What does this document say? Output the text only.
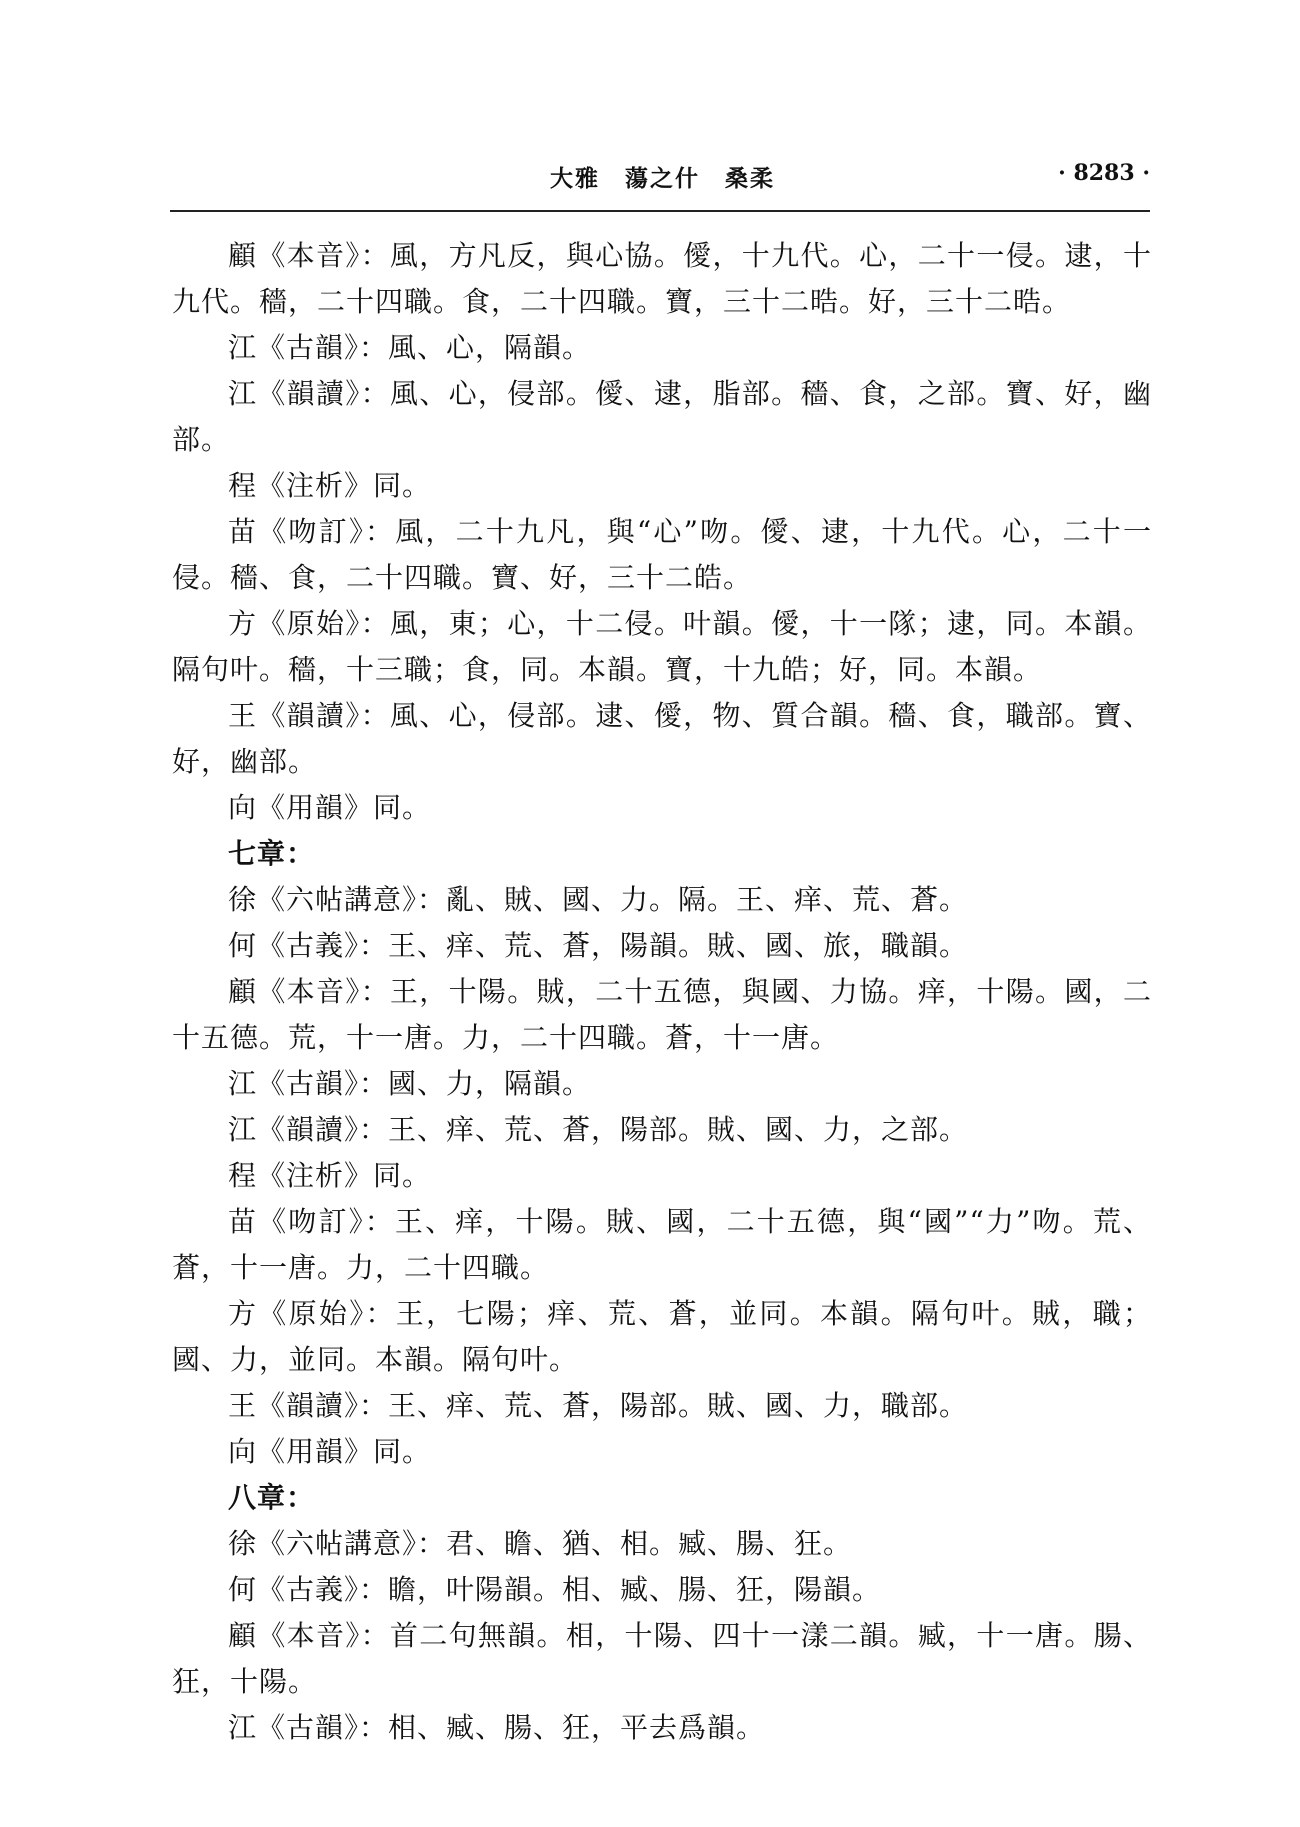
大雅　蕩之什　桑柔	· 8283 ·

顧《本音》：風，方凡反，與心協。僾，十九代。心，二十一侵。逮，十九代。穡，二十四職。食，二十四職。寶，三十二晧。好，三十二晧。

江《古韻》：風、心，隔韻。

江《韻讀》：風、心，侵部。僾、逮，脂部。穡、食，之部。寶、好，幽部。

程《注析》同。

苗《吻訂》：風，二十九凡，與“心”吻。僾、逮，十九代。心，二十一侵。穡、食，二十四職。寶、好，三十二皓。

方《原始》：風，東；心，十二侵。叶韻。僾，十一隊；逮，同。本韻。隔句叶。穡，十三職；食，同。本韻。寶，十九皓；好，同。本韻。

王《韻讀》：風、心，侵部。逮、僾，物、質合韻。穡、食，職部。寶、好，幽部。

向《用韻》同。

七章：

徐《六帖講意》：亂、賊、國、力。隔。王、痒、荒、蒼。

何《古義》：王、痒、荒、蒼，陽韻。賊、國、旅，職韻。

顧《本音》：王，十陽。賊，二十五德，與國、力協。痒，十陽。國，二十五德。荒，十一唐。力，二十四職。蒼，十一唐。

江《古韻》：國、力，隔韻。

江《韻讀》：王、痒、荒、蒼，陽部。賊、國、力，之部。

程《注析》同。

苗《吻訂》：王、痒，十陽。賊、國，二十五德，與“國”“力”吻。荒、蒼，十一唐。力，二十四職。

方《原始》：王，七陽；痒、荒、蒼，並同。本韻。隔句叶。賊，職；國、力，並同。本韻。隔句叶。

王《韻讀》：王、痒、荒、蒼，陽部。賊、國、力，職部。

向《用韻》同。

八章：

徐《六帖講意》：君、瞻、猶、相。臧、腸、狂。

何《古義》：瞻，叶陽韻。相、臧、腸、狂，陽韻。

顧《本音》：首二句無韻。相，十陽、四十一漾二韻。臧，十一唐。腸、狂，十陽。

江《古韻》：相、臧、腸、狂，平去爲韻。
